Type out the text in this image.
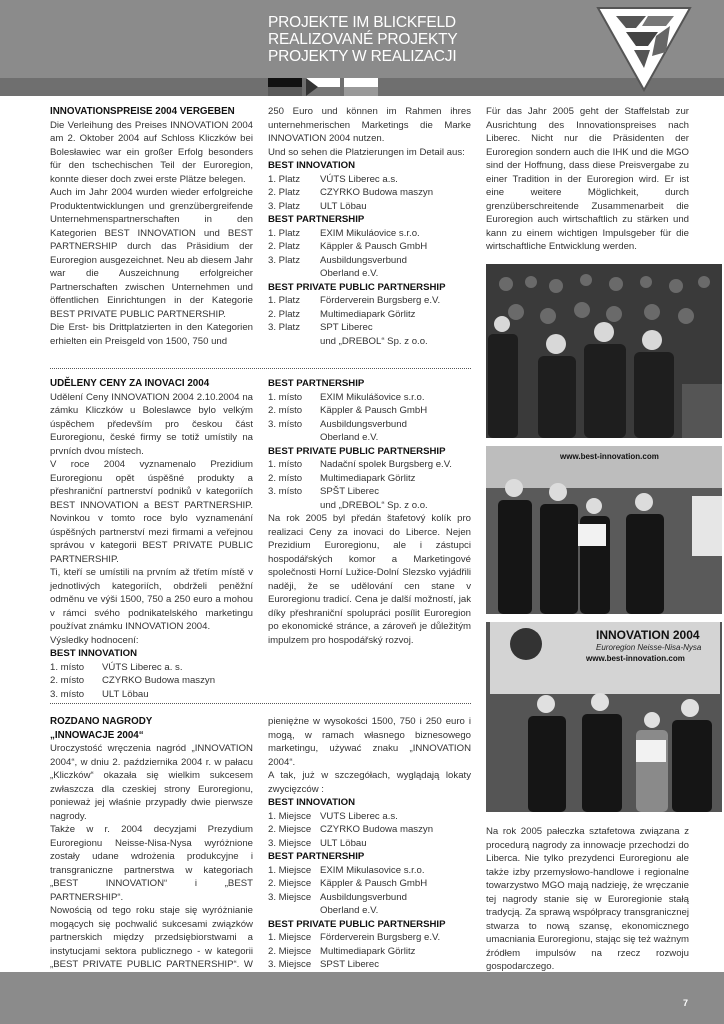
PROJEKTE IM BLICKFELD
REALIZOVANÉ PROJEKTY
PROJEKTY W REALIZACJI
INNOVATIONSPREISE 2004 VERGEBEN

Die Verleihung des Preises INNOVATION 2004 am 2. Oktober 2004 auf Schloss Kliczków bei Bolesławiec war ein großer Erfolg besonders für den tschechischen Teil der Euroregion, konnte dieser doch zwei erste Plätze belegen.

Auch im Jahr 2004 wurden wieder erfolgreiche Produktentwicklungen und grenzübergreifende Unternehmenspartnerschaften in den Kategorien BEST INNOVATION und BEST PARTNERSHIP durch das Präsidium der Euroregion ausgezeichnet. Neu ab diesem Jahr war die Auszeichnung erfolgreicher Partnerschaften zwischen Unternehmen und öffentlichen Einrichtungen in der Kategorie BEST PRIVATE PUBLIC PARTNERSHIP.

Die Erst- bis Drittplatzierten in den Kategorien erhielten ein Preisgeld von 1500, 750 und

250 Euro und können im Rahmen ihres unternehmerischen Marketings die Marke INNOVATION 2004 nutzen.

Und so sehen die Platzierungen im Detail aus:

BEST INNOVATION
1. Platz	VÚTS Liberec a.s.
2. Platz	CZYRKO Budowa maszyn
3. Platz	ULT Löbau
BEST PARTNERSHIP
1. Platz	EXIM Mikuláovice s.r.o.
2. Platz	Käppler & Pausch GmbH
3. Platz	Ausbildungsverbund
Oberland e.V.
BEST PRIVATE PUBLIC PARTNERSHIP
1. Platz	Förderverein Burgsberg e.V.
2. Platz	Multimediapark Görlitz
3. Platz	SPT Liberec
und „DREBOL“ Sp. z o.o.

Für das Jahr 2005 geht der Staffelstab zur Ausrichtung des Innovationspreises nach Liberec. Nicht nur die Präsidenten der Euroregion sondern auch die IHK und die MGO sind der Hoffnung, dass diese Preisvergabe zu einer Tradition in der Euroregion wird. Er ist eine weitere Möglichkeit, durch grenzüberschreitende Zusammenarbeit die Euroregion auch wirtschaftlich zu stärken und kann zu einem wichtigen Impulsgeber für die wirtschaftliche Entwicklung werden.

UDĚLENY CENY ZA INOVACI 2004

Udělení Ceny INNOVATION 2004 2.10.2004 na zámku Kliczków u Boleslawce bylo velkým úspěchem především pro českou část Euroregionu, české firmy se totiž umístily na prvních dvou místech.

V roce 2004 vyznamenalo Prezidium Euroregionu opět úspěšné produkty a přeshraniční partnerství podniků v kategoriích BEST INNOVATION a BEST PARTNERSHIP. Novinkou v tomto roce bylo vyznamenání úspěšných partnerství mezi firmami a veřejnou správou v kategorii BEST PRIVATE PUBLIC PARTNERSHIP.

Ti, kteří se umístili na prvním až třetím místě v jednotlivých kategoriích, obdrželi peněžní odměnu ve výši 1500, 750 a 250 euro a mohou v rámci svého podnikatelského marketingu používat známku INNOVATION 2004.

Výsledky hodnocení:

BEST INNOVATION
1. místo	VÚTS Liberec a. s.
2. místo	CZYRKO Budowa maszyn
3. místo	ULT Löbau
BEST PARTNERSHIP
1. místo	EXIM Mikulášovice s.r.o.
2. místo	Käppler & Pausch GmbH
3. místo	Ausbildungsverbund
Oberland e.V.
BEST PRIVATE PUBLIC PARTNERSHIP
1. místo	Nadační spolek Burgsberg e.V.
2. místo	Multimediapark Görlitz
3. místo	SPŠT Liberec
und „DREBOL“ Sp. z o.o.

Na rok 2005 byl předán štafetový kolík pro realizaci Ceny za inovaci do Liberce. Nejen Prezidium Euroregionu, ale i zástupci hospodářských komor a Marketingové společnosti Horní Lužice-Dolní Slezsko vyjádřili naději, že se udělování cen stane v Euroregionu tradicí. Cena je další možností, jak díky přeshraniční spolupráci posílit Euroregion po ekonomické stránce, a zároveň je důležitým impulzem pro hospodářský rozvoj.

ROZDANO NAGRODY
„INNOWACJE 2004“

Uroczystość wręczenia nagród „INNOVATION 2004“, w dniu 2. października 2004 r. w pałacu „Kliczków“ okazała się wielkim sukcesem zwłaszcza dla czeskiej strony Euroregionu, ponieważ jej właśnie przypadły dwie pierwsze nagrody.

Także w r. 2004 decyzjami Prezydium Euroregionu Neisse-Nisa-Nysa wyróżnione zostały udane wdrożenia produkcyjne i transgraniczne partnerstwa w kategoriach „BEST INNOVATION“ i „BEST PARTNERSHIP“.

Nowością od tego roku staje się wyróżnianie mogących się pochwalić sukcesami związków partnerskich między przedsiębiorstwami a instytucjami sektora publicznego - w kategorii „BEST PRIVATE PUBLIC PARTNERSHIP“. W

pieniężne w wysokości 1500, 750 i 250 euro i mogą, w ramach własnego biznesowego marketingu, używać znaku „INNOVATION 2004“.

A tak, już w szczegółach, wyglądają lokaty zwycięzców :

BEST INNOVATION
1. Miejsce VUTS Liberec a.s.
2. Miejsce CZYRKO Budowa maszyn
3. Miejsce ULT Löbau
BEST PARTNERSHIP
1. Miejsce EXIM Mikulasovice s.r.o.
2. Miejsce Käppler & Pausch GmbH
3. Miejsce Ausbildungsverbund
Oberland e.V.
BEST PRIVATE PUBLIC PARTNERSHIP
1. Miejsce Förderverein Burgsberg e.V.
2. Miejsce Multimediapark Görlitz
3. Miejsce SPST Liberec

Na rok 2005 pałeczka sztafetowa związana z procedurą nagrody za innowacje przechodzi do Liberca. Nie tylko prezydenci Euroregionu ale także izby przemysłowo-handlowe i regionalne towarzystwo MGO mają nadzieję, że wręczanie tej nagrody stanie się w Euroregionie stałą tradycją. Za sprawą współpracy transgranicznej stwarza to nową szansę, ekonomicznego umacniania Euroregionu, stając się też ważnym źródłem impulsów na rzecz rozwoju gospodarczego.

www.best-innovation.com
INNOVATION 2004
Euroregion Neisse-Nisa-Nysa
www.best-innovation.com
7
